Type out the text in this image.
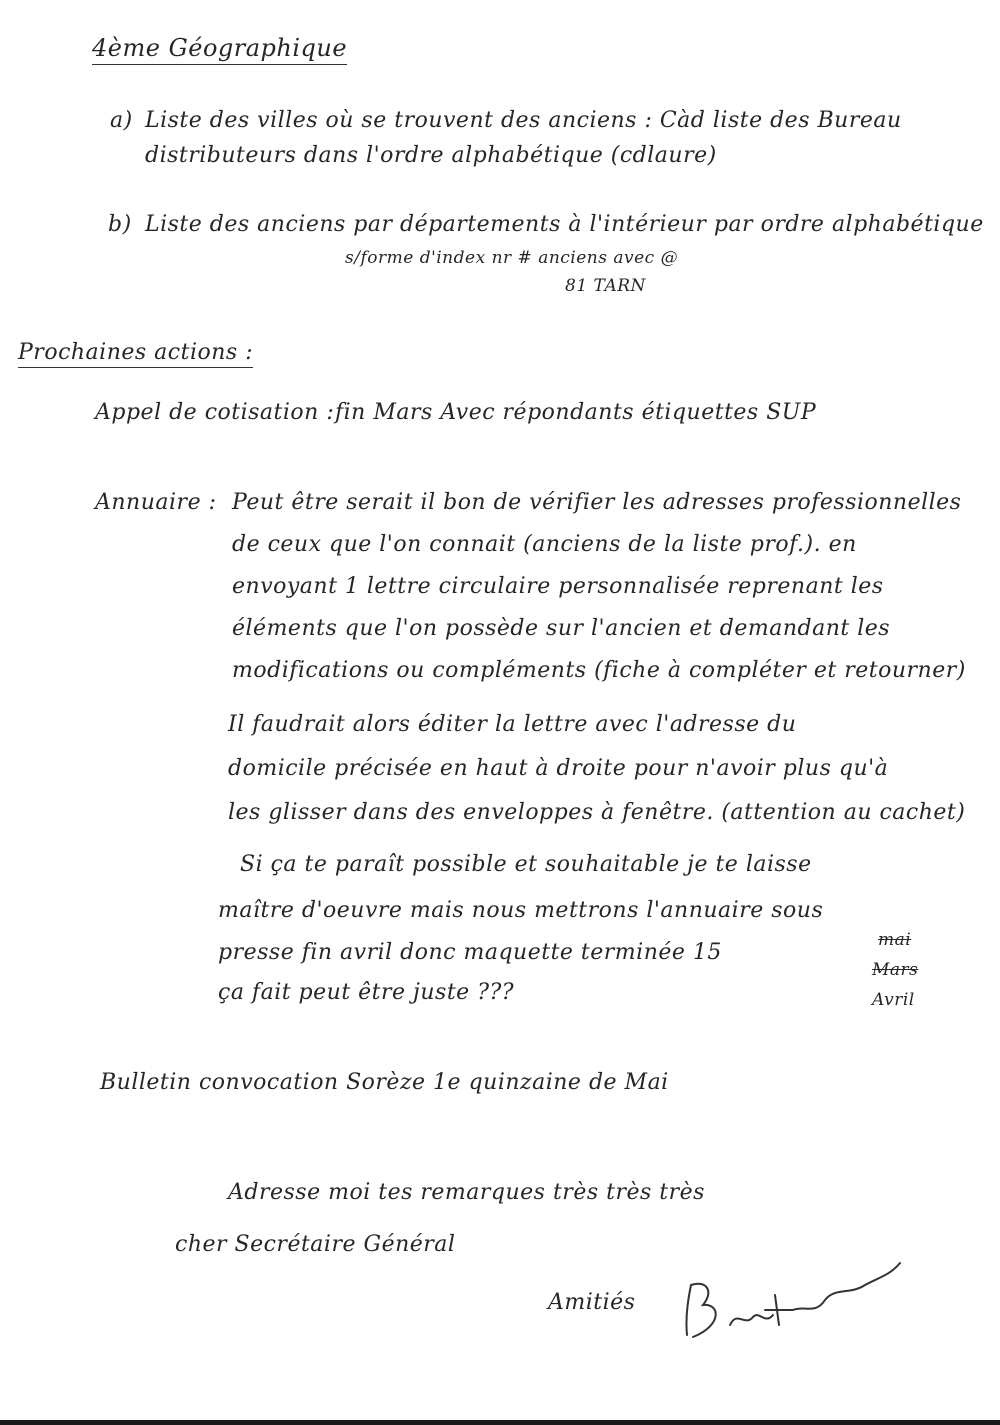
4ème Géographique
a) Liste des villes où se trouvent des anciens : Càd liste des Bureau
distributeurs dans l'ordre alphabétique (cdlaure)
b) Liste des anciens par départements à l'intérieur par ordre alphabétique
s/forme d'index nr # anciens avec @
81 TARN
Prochaines actions :
Appel de cotisation : fin Mars Avec répondants étiquettes SUP
Annuaire : Peut être serait il bon de vérifier les adresses professionnelles
de ceux que l'on connait (anciens de la liste prof.). en
envoyant 1 lettre circulaire personnalisée reprenant les
éléments que l'on possède sur l'ancien et demandant les
modifications ou compléments (fiche à compléter et retourner)
Il faudrait alors éditer la lettre avec l'adresse du
domicile précisée en haut à droite pour n'avoir plus qu'à
les glisser dans des enveloppes à fenêtre. (attention au cachet)
Si ça te paraît possible et souhaitable je te laisse
maître d'oeuvre mais nous mettrons l'annuaire sous
presse fin avril donc maquette terminée 15
ça fait peut être juste ???
mai
Mars
Avril
Bulletin convocation Sorèze 1e quinzaine de Mai
Adresse moi tes remarques très très très
cher Secrétaire Général
Amitiés
Bertrand
